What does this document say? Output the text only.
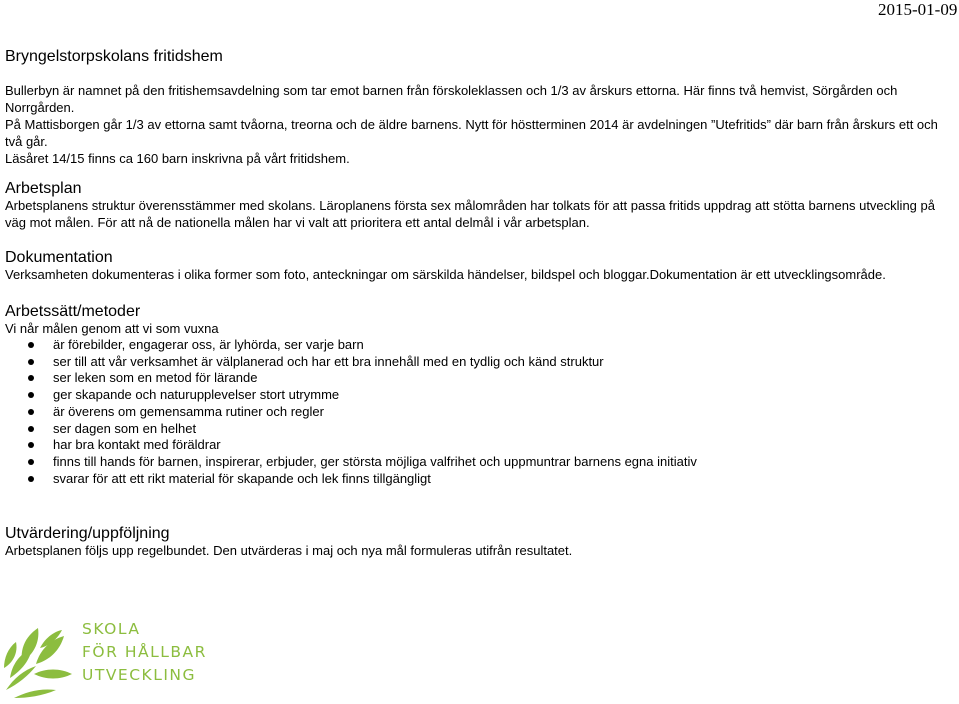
2015-01-09
Bryngelstorpskolans fritidshem

Bullerbyn är namnet på den fritishemsavdelning som tar emot barnen från förskoleklassen och 1/3 av årskurs ettorna. Här finns två hemvist, Sörgården och Norrgården.

På Mattisborgen går 1/3 av ettorna samt tvåorna, treorna och de äldre barnens. Nytt för höstterminen 2014 är avdelningen ”Utefritids” där barn från årskurs ett och två går.

Läsåret 14/15 finns ca 160 barn inskrivna på vårt fritidshem.

Arbetsplan

Arbetsplanens struktur överensstämmer med skolans. Läroplanens första sex målområden har tolkats för att passa fritids uppdrag att stötta barnens utveckling på väg mot målen. För att nå de nationella målen har vi valt att prioritera ett antal delmål i vår arbetsplan.

Dokumentation

Verksamheten dokumenteras i olika former som foto, anteckningar om särskilda händelser, bildspel och bloggar.Dokumentation är ett utvecklingsområde.

Arbetssätt/metoder

Vi når målen genom att vi som vuxna

är förebilder, engagerar oss, är lyhörda, ser varje barn
ser till att vår verksamhet är välplanerad och har ett bra innehåll med en tydlig och känd struktur
ser leken som en metod för lärande
ger skapande och naturupplevelser stort utrymme
är överens om gemensamma rutiner och regler
ser dagen som en helhet
har bra kontakt med föräldrar
finns till hands för barnen, inspirerar, erbjuder, ger största möjliga valfrihet och uppmuntrar barnens egna initiativ
svarar för att ett rikt material för skapande och lek finns tillgängligt
Utvärdering/uppföljning

Arbetsplanen följs upp regelbundet. Den utvärderas i maj och nya mål formuleras utifrån resultatet.

SKOLA
FÖR HÅLLBAR
UTVECKLING
